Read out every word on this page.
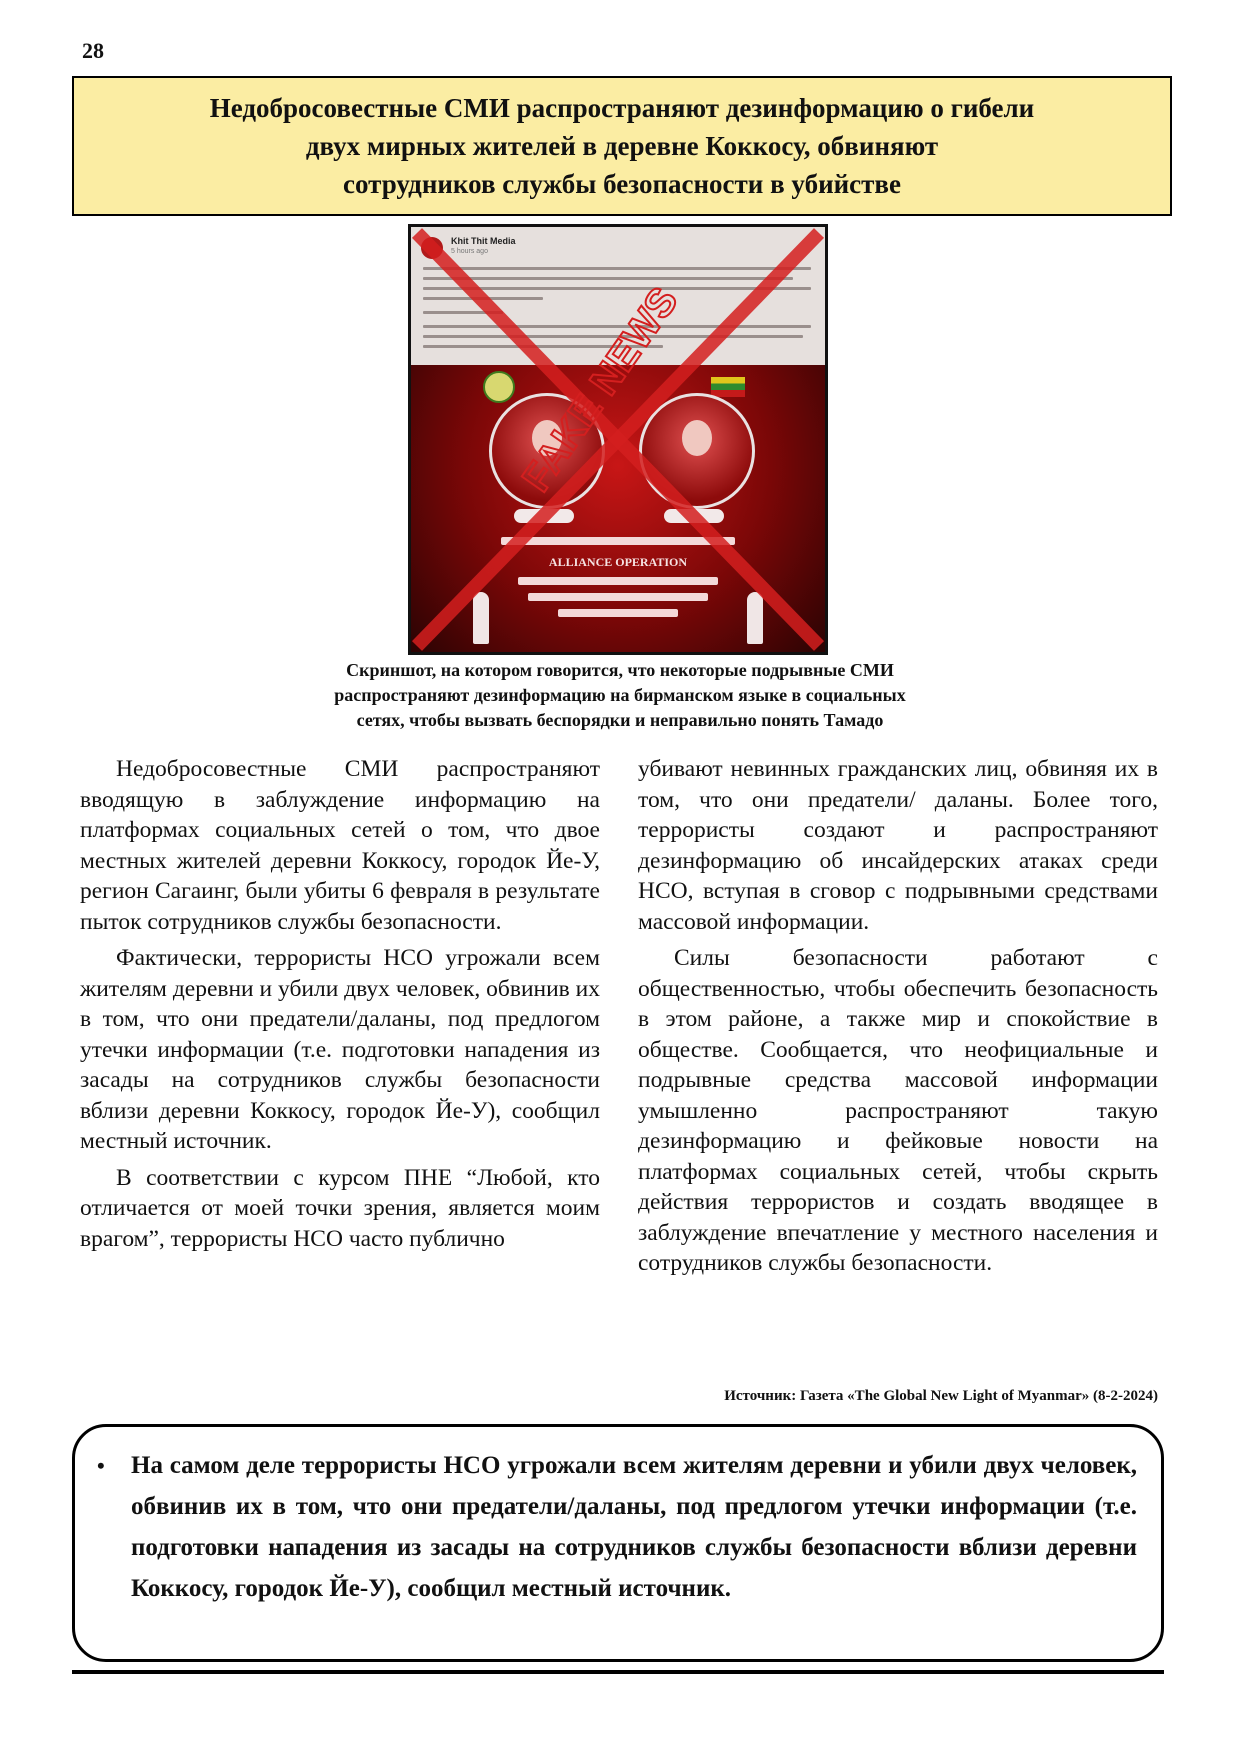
28
Недобросовестные СМИ распространяют дезинформацию о гибели
двух мирных жителей в деревне Коккосу, обвиняют
сотрудников службы безопасности в убийстве
Khit Thit Media
5 hours ago
ALLIANCE OPERATION
FAKE NEWS
Скриншот, на котором говорится, что некоторые подрывные СМИ
распространяют дезинформацию на бирманском языке в социальных
сетях, чтобы вызвать беспорядки и неправильно понять Тамадо

Недобросовестные СМИ распространяют вводящую в заблуждение информацию на платформах социальных сетей о том, что двое местных жителей деревни Коккосу, городок Йе-У, регион Сагаинг, были убиты 6 февраля в результате пыток сотрудников службы безопасности.

Фактически, террористы НСО угрожали всем жителям деревни и убили двух человек, обвинив их в том, что они предатели/даланы, под предлогом утечки информации (т.е. подготовки нападения из засады на сотрудников службы безопасности вблизи деревни Коккосу, городок Йе-У), сообщил местный источник.

В соответствии с курсом ПНЕ “Любой, кто отличается от моей точки зрения, является моим врагом”, террористы НСО часто публично

убивают невинных гражданских лиц, обвиняя их в том, что они предатели/ даланы. Более того, террористы создают и распространяют дезинформацию об инсайдерских атаках среди НСО, вступая в сговор с подрывными средствами массовой информации.

Силы безопасности работают с общественностью, чтобы обеспечить безопасность в этом районе, а также мир и спокойствие в обществе. Сообщается, что неофициальные и подрывные средства массовой информации умышленно распространяют такую дезинформацию и фейковые новости на платформах социальных сетей, чтобы скрыть действия террористов и создать вводящее в заблуждение впечатление у местного населения и сотрудников службы безопасности.

Источник: Газета «The Global New Light of Myanmar» (8-2-2024)
• На самом деле террористы НСО угрожали всем жителям деревни и убили двух человек, обвинив их в том, что они предатели/даланы, под предлогом утечки информации (т.е. подготовки нападения из засады на сотрудников службы безопасности вблизи деревни Коккосу, городок Йе-У), сообщил местный источник.
